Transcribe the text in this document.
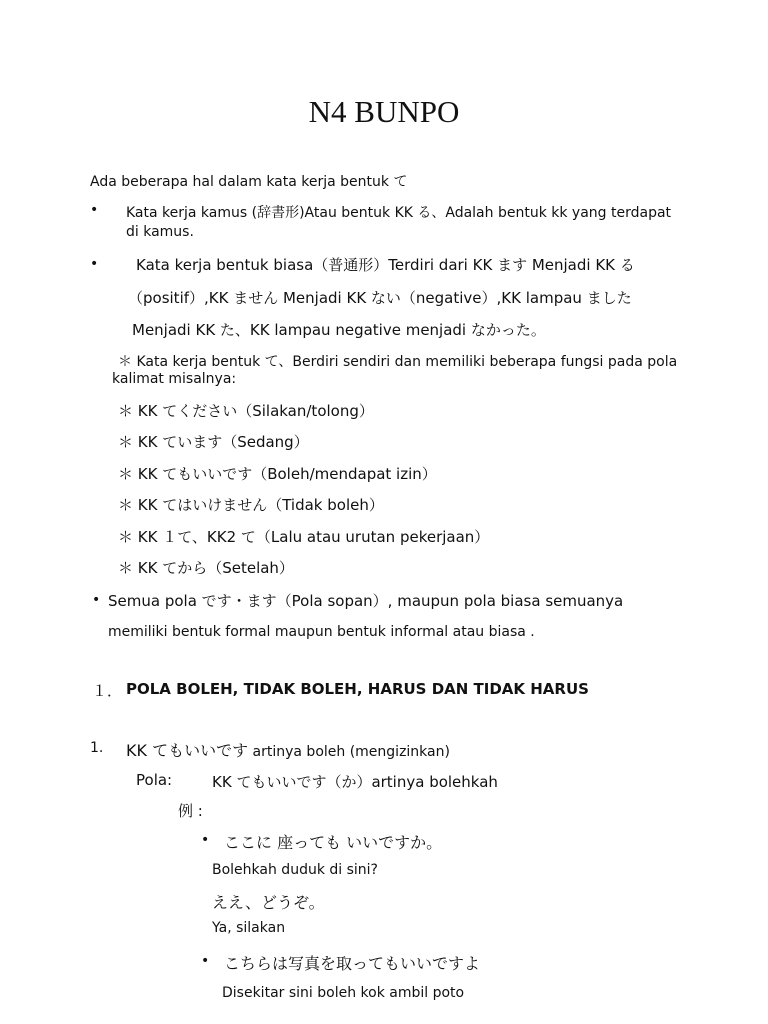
N4 BUNPO
Ada beberapa hal dalam kata kerja bentuk て
• Kata kerja kamus (辞書形)Atau bentuk KK る、Adalah bentuk kk yang terdapat
di kamus.
•	Kata kerja bentuk biasa（普通形）Terdiri dari KK ます Menjadi KK る
（positif）,KK ません Menjadi KK ない（negative）,KK lampau ました
Menjadi KK た、KK lampau negative menjadi なかった。
＊ Kata kerja bentuk て、Berdiri sendiri dan memiliki beberapa fungsi pada pola
kalimat misalnya:
＊ KK てください（Silakan/tolong）
＊ KK ています（Sedang）
＊ KK てもいいです（Boleh/mendapat izin）
＊ KK てはいけません（Tidak boleh）
＊ KK １て、KK2 て（Lalu atau urutan pekerjaan）
＊ KK てから（Setelah）
• Semua pola です・ます（Pola sopan）, maupun pola biasa semuanya
memiliki bentuk formal maupun bentuk informal atau biasa .
１． POLA BOLEH, TIDAK BOLEH, HARUS DAN TIDAK HARUS
1. KK てもいいです artinya boleh (mengizinkan)
Pola:	KK てもいいです（か）artinya bolehkah
例 :
• ここに 座っても いいですか。
Bolehkah duduk di sini?
ええ、どうぞ。
Ya, silakan
• こちらは写真を取ってもいいですよ
Disekitar sini boleh kok ambil poto
